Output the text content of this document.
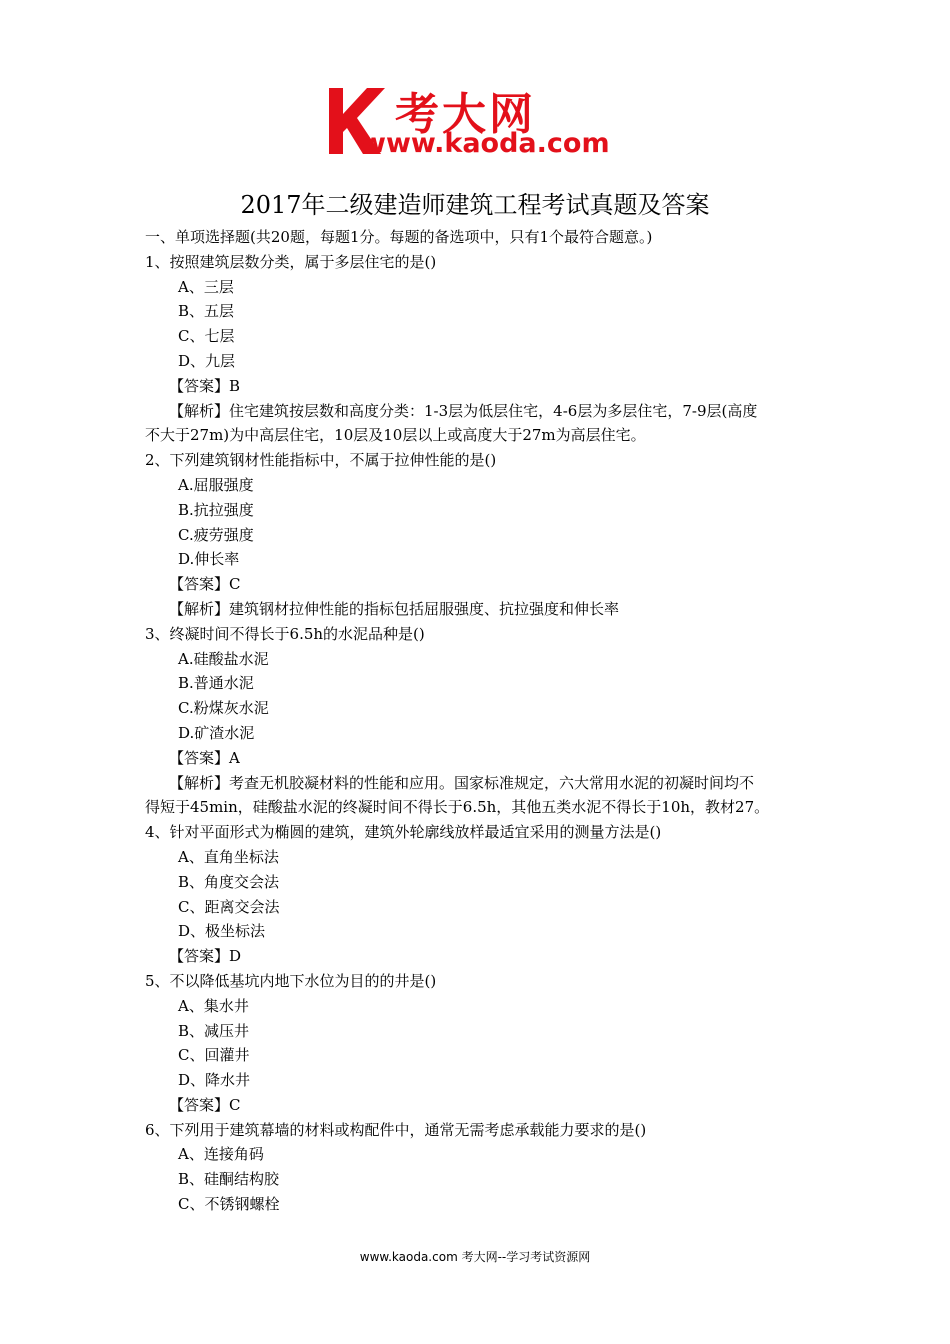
考大网
www.kaoda.com
2017年二级建造师建筑工程考试真题及答案
一、单项选择题(共20题，每题1分。每题的备选项中，只有1个最符合题意。)
1、按照建筑层数分类，属于多层住宅的是()
A、三层
B、五层
C、七层
D、九层
【答案】B
【解析】住宅建筑按层数和高度分类：1-3层为低层住宅，4-6层为多层住宅，7-9层(高度
不大于27m)为中高层住宅，10层及10层以上或高度大于27m为高层住宅。
2、下列建筑钢材性能指标中，不属于拉伸性能的是()
A.屈服强度
B.抗拉强度
C.疲劳强度
D.伸长率
【答案】C
【解析】建筑钢材拉伸性能的指标包括屈服强度、抗拉强度和伸长率
3、终凝时间不得长于6.5h的水泥品种是()
A.硅酸盐水泥
B.普通水泥
C.粉煤灰水泥
D.矿渣水泥
【答案】A
【解析】考查无机胶凝材料的性能和应用。国家标准规定，六大常用水泥的初凝时间均不
得短于45min，硅酸盐水泥的终凝时间不得长于6.5h，其他五类水泥不得长于10h，教材27。
4、针对平面形式为椭圆的建筑，建筑外轮廓线放样最适宜采用的测量方法是()
A、直角坐标法
B、角度交会法
C、距离交会法
D、极坐标法
【答案】D
5、不以降低基坑内地下水位为目的的井是()
A、集水井
B、减压井
C、回灌井
D、降水井
【答案】C
6、下列用于建筑幕墙的材料或构配件中，通常无需考虑承载能力要求的是()
A、连接角码
B、硅酮结构胶
C、不锈钢螺栓
www.kaoda.com 考大网--学习考试资源网
